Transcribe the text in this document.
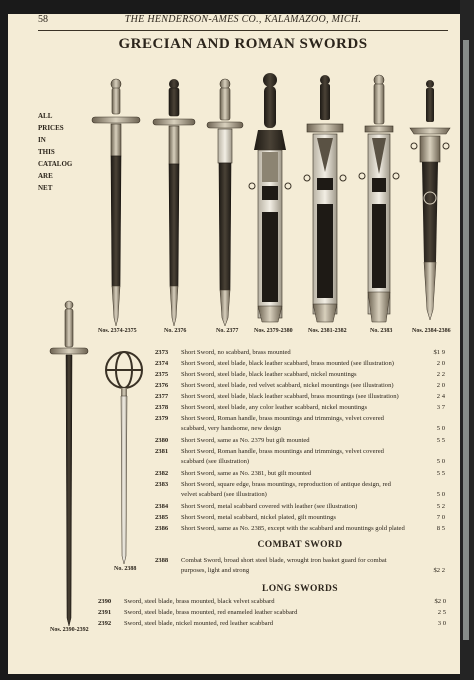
58	THE HENDERSON-AMES CO., KALAMAZOO, MICH.
GRECIAN AND ROMAN SWORDS
ALL
PRICES
IN
THIS
CATALOG
ARE
NET
Nos. 2374-2375	No. 2376	No. 2377	Nos. 2379-2380	Nos. 2381-2382	No. 2383	Nos. 2384-2386
No. 2388
Nos. 2390-2392
2373	Short Sword, no scabbard, brass mounted	$1 9
2374	Short Sword, steel blade, black leather scabbard, brass mounted (see illustration)	2 0
2375	Short Sword, steel blade, black leather scabbard, nickel mountings	2 2
2376	Short Sword, steel blade, red velvet scabbard, nickel mountings (see illustration)	2 0
2377	Short Sword, steel blade, black leather scabbard, brass mountings (see illustration)	2 4
2378	Short Sword, steel blade, any color leather scabbard, nickel mountings	3 7
2379	Short Sword, Roman handle, brass mountings and trimmings, velvet covered
scabbard, very handsome, new design	5 0
2380	Short Sword, same as No. 2379 but gilt mounted	5 5
2381	Short Sword, Roman handle, brass mountings and trimmings, velvet covered
scabbard (see illustration)	5 0
2382	Short Sword, same as No. 2381, but gilt mounted	5 5
2383	Short Sword, square edge, brass mountings, reproduction of antique design, red
velvet scabbard (see illustration)	5 0
2384	Short Sword, metal scabbard covered with leather (see illustration)	5 2
2385	Short Sword, metal scabbard, nickel plated, gilt mountings	7 0
2386	Short Sword, same as No. 2385, except with the scabbard and mountings gold plated	8 5
COMBAT SWORD
2388	Combat Sword, broad short steel blade, wrought iron basket guard for combat
purposes, light and strong	$2 2
LONG SWORDS
2390	Sword, steel blade, brass mounted, black velvet scabbard	$2 0
2391	Sword, steel blade, brass mounted, red enameled leather scabbard	2 5
2392	Sword, steel blade, nickel mounted, red leather scabbard	3 0
